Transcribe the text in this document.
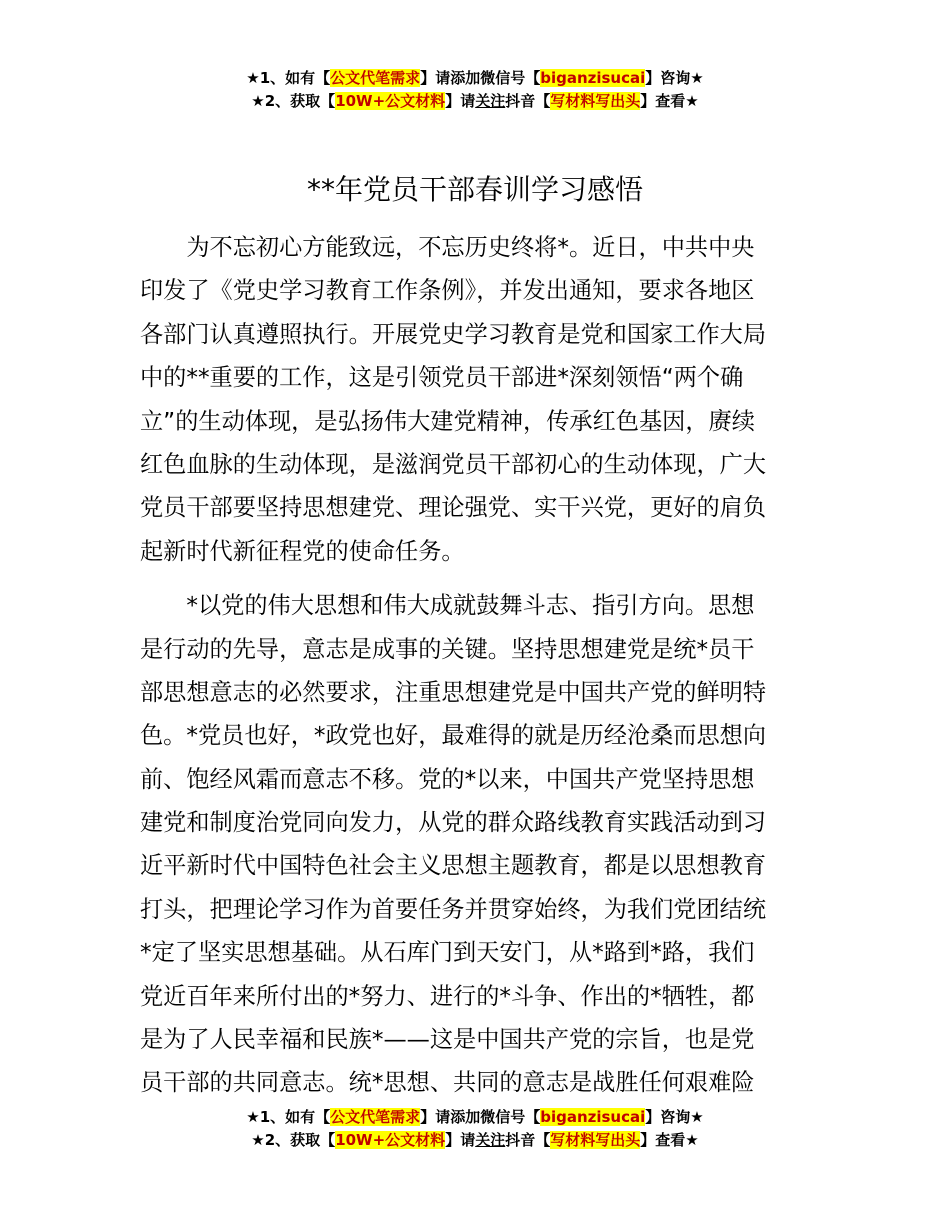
★1、如有【公文代笔需求】请添加微信号【biganzisucai】咨询★
★2、获取【10W+公文材料】请关注抖音【写材料写出头】查看★
**年党员干部春训学习感悟
　　为不忘初心方能致远，不忘历史终将*。近日，中共中央
印发了《党史学习教育工作条例》，并发出通知，要求各地区
各部门认真遵照执行。开展党史学习教育是党和国家工作大局
中的**重要的工作，这是引领党员干部进*深刻领悟“两个确
立”的生动体现，是弘扬伟大建党精神，传承红色基因，赓续
红色血脉的生动体现，是滋润党员干部初心的生动体现，广大
党员干部要坚持思想建党、理论强党、实干兴党，更好的肩负
起新时代新征程党的使命任务。
　　*以党的伟大思想和伟大成就鼓舞斗志、指引方向。思想
是行动的先导，意志是成事的关键。坚持思想建党是统*员干
部思想意志的必然要求，注重思想建党是中国共产党的鲜明特
色。*党员也好，*政党也好，最难得的就是历经沧桑而思想向
前、饱经风霜而意志不移。党的*以来，中国共产党坚持思想
建党和制度治党同向发力，从党的群众路线教育实践活动到习
近平新时代中国特色社会主义思想主题教育，都是以思想教育
打头，把理论学习作为首要任务并贯穿始终，为我们党团结统
*定了坚实思想基础。从石库门到天安门，从*路到*路，我们
党近百年来所付出的*努力、进行的*斗争、作出的*牺牲，都
是为了人民幸福和民族*——这是中国共产党的宗旨，也是党
员干部的共同意志。统*思想、共同的意志是战胜任何艰难险
★1、如有【公文代笔需求】请添加微信号【biganzisucai】咨询★
★2、获取【10W+公文材料】请关注抖音【写材料写出头】查看★
